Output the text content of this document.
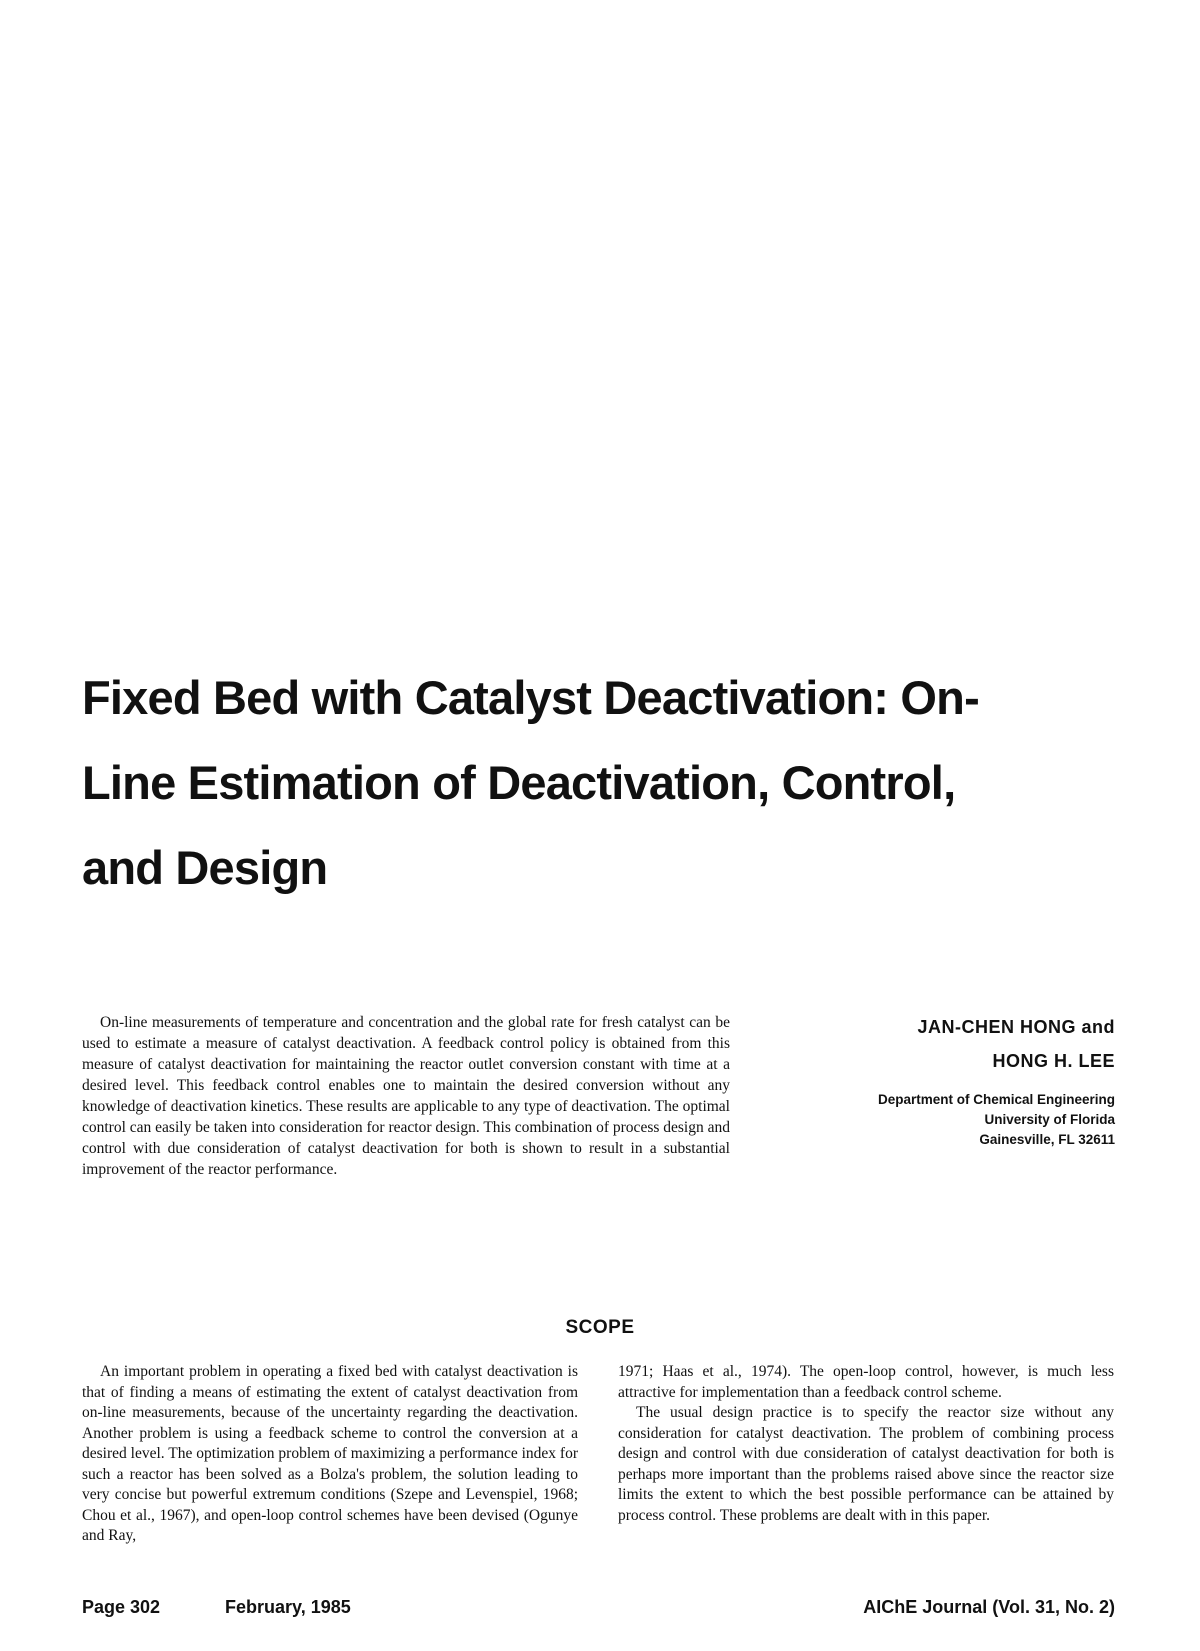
Fixed Bed with Catalyst Deactivation: On-
Line Estimation of Deactivation, Control,
and Design

On-line measurements of temperature and concentration and the global rate for fresh catalyst can be used to estimate a measure of catalyst deactivation. A feedback control policy is obtained from this measure of catalyst deactivation for maintaining the reactor outlet conversion constant with time at a desired level. This feedback control enables one to maintain the desired conversion without any knowledge of deactivation kinetics. These results are applicable to any type of deactivation. The optimal control can easily be taken into consideration for reactor design. This combination of process design and control with due consideration of catalyst deactivation for both is shown to result in a substantial improvement of the reactor performance.

JAN-CHEN HONG and
HONG H. LEE
Department of Chemical Engineering
University of Florida
Gainesville, FL 32611
SCOPE

An important problem in operating a fixed bed with catalyst deactivation is that of finding a means of estimating the extent of catalyst deactivation from on-line measurements, because of the uncertainty regarding the deactivation. Another problem is using a feedback scheme to control the conversion at a desired level. The optimization problem of maximizing a performance index for such a reactor has been solved as a Bolza's problem, the solution leading to very concise but powerful extremum conditions (Szepe and Levenspiel, 1968; Chou et al., 1967), and open-loop control schemes have been devised (Ogunye and Ray,

1971; Haas et al., 1974). The open-loop control, however, is much less attractive for implementation than a feedback control scheme.

The usual design practice is to specify the reactor size without any consideration for catalyst deactivation. The problem of combining process design and control with due consideration of catalyst deactivation for both is perhaps more important than the problems raised above since the reactor size limits the extent to which the best possible performance can be attained by process control. These problems are dealt with in this paper.

Page 302	February, 1985	AIChE Journal (Vol. 31, No. 2)
